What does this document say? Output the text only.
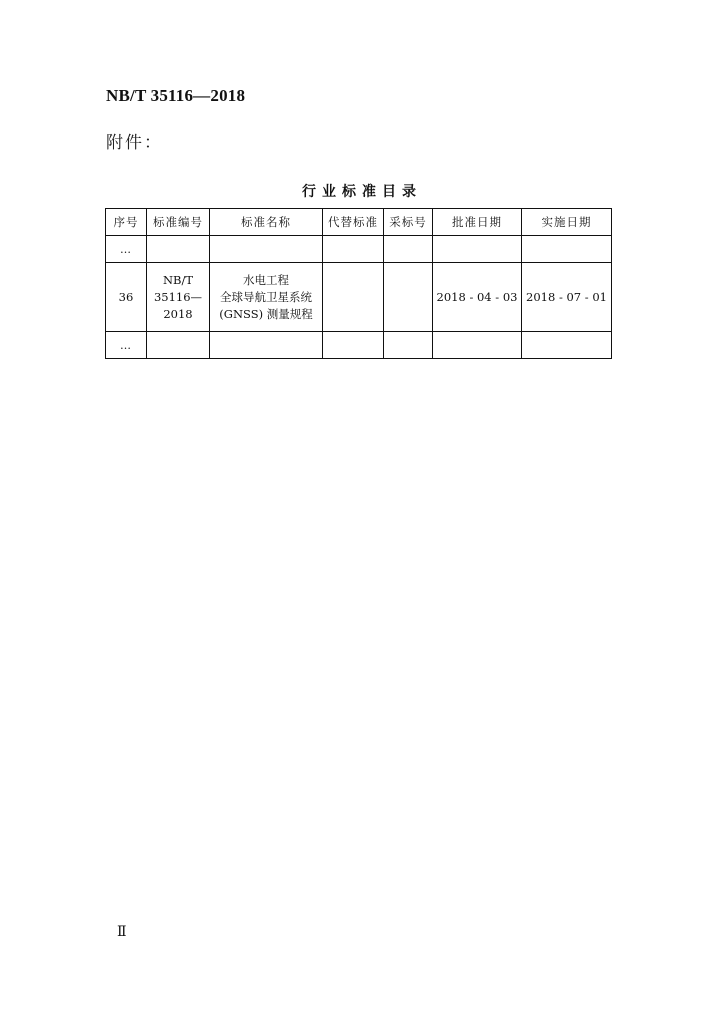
NB/T 35116—2018
附件：
行业标准目录
序号	标准编号	标准名称	代替标准	采标号	批准日期	实施日期
…						
36	NB/T
35116—
2018	水电工程
全球导航卫星系统
(GNSS) 测量规程			2018 - 04 - 03	2018 - 07 - 01
…						
Ⅱ
